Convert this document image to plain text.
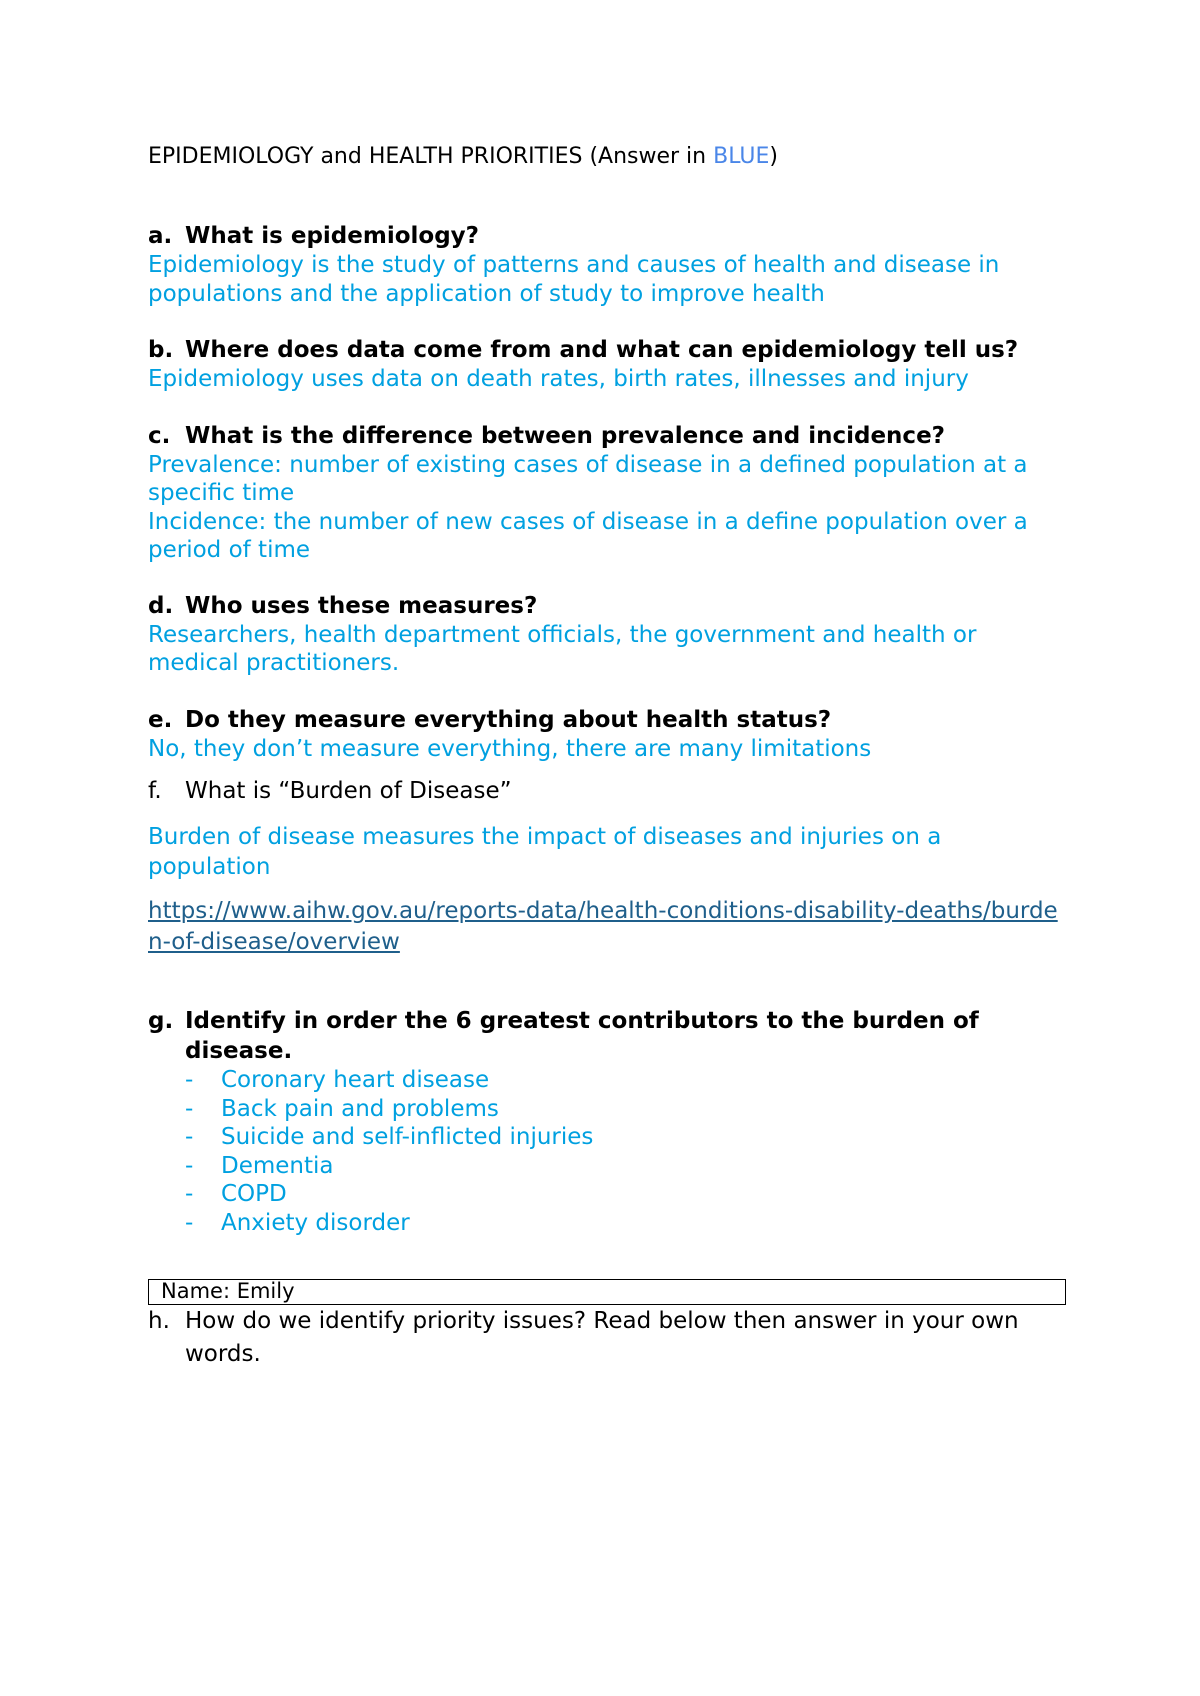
EPIDEMIOLOGY and HEALTH PRIORITIES (Answer in BLUE)

a. What is epidemiology?

Epidemiology is the study of patterns and causes of health and disease in populations and the application of study to improve health

b. Where does data come from and what can epidemiology tell us?

Epidemiology uses data on death rates, birth rates, illnesses and injury

c. What is the difference between prevalence and incidence?

Prevalence: number of existing cases of disease in a defined population at a specific time

Incidence: the number of new cases of disease in a define population over a period of time

d. Who uses these measures?

Researchers, health department officials, the government and health or medical practitioners.

e. Do they measure everything about health status?

No, they don’t measure everything, there are many limitations

f. What is “Burden of Disease”

Burden of disease measures the impact of diseases and injuries on a population

https://www.aihw.gov.au/reports-data/health-conditions-disability-deaths/burden-of-disease/overview

g. Identify in order the 6 greatest contributors to the burden of disease.

-	Coronary heart disease
-	Back pain and problems
-	Suicide and self-inflicted injuries
-	Dementia
-	COPD
-	Anxiety disorder
Name: Emily

h. How do we identify priority issues? Read below then answer in your own words.
